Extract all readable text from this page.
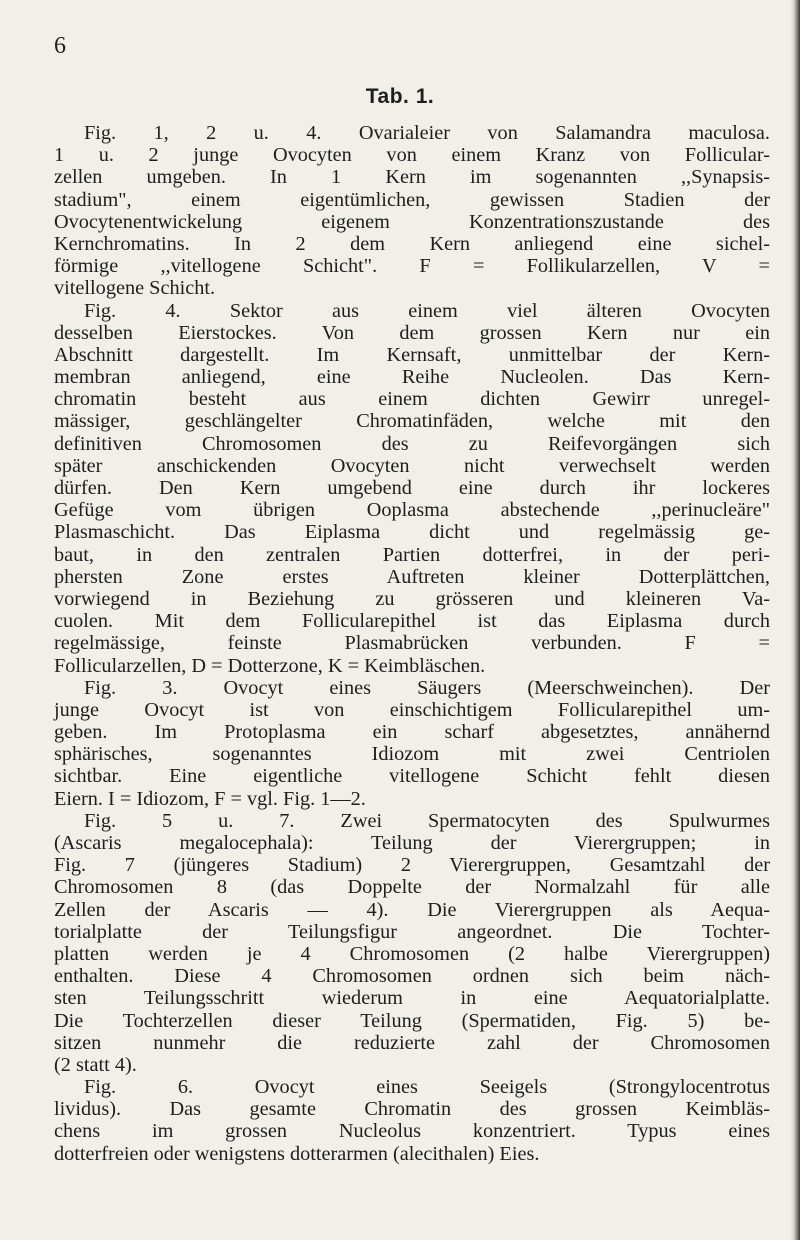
6
Tab. 1.
Fig. 1, 2 u. 4. Ovarialeier von Salamandra maculosa.
1 u. 2 junge Ovocyten von einem Kranz von Follicular-
zellen umgeben. In 1 Kern im sogenannten ,,Synapsis-
stadium", einem eigentümlichen, gewissen Stadien der
Ovocytenentwickelung eigenem Konzentrationszustande des
Kernchromatins. In 2 dem Kern anliegend eine sichel-
förmige ,,vitellogene Schicht". F = Follikularzellen, V =
vitellogene Schicht.
Fig. 4. Sektor aus einem viel älteren Ovocyten
desselben Eierstockes. Von dem grossen Kern nur ein
Abschnitt dargestellt. Im Kernsaft, unmittelbar der Kern-
membran anliegend, eine Reihe Nucleolen. Das Kern-
chromatin besteht aus einem dichten Gewirr unregel-
mässiger, geschlängelter Chromatinfäden, welche mit den
definitiven Chromosomen des zu Reifevorgängen sich
später anschickenden Ovocyten nicht verwechselt werden
dürfen. Den Kern umgebend eine durch ihr lockeres
Gefüge vom übrigen Ooplasma abstechende ,,perinucleäre"
Plasmaschicht. Das Eiplasma dicht und regelmässig ge-
baut, in den zentralen Partien dotterfrei, in der peri-
phersten Zone erstes Auftreten kleiner Dotterplättchen,
vorwiegend in Beziehung zu grösseren und kleineren Va-
cuolen. Mit dem Follicularepithel ist das Eiplasma durch
regelmässige, feinste Plasmabrücken verbunden. F =
Follicularzellen, D = Dotterzone, K = Keimbläschen.
Fig. 3. Ovocyt eines Säugers (Meerschweinchen). Der
junge Ovocyt ist von einschichtigem Follicularepithel um-
geben. Im Protoplasma ein scharf abgesetztes, annähernd
sphärisches, sogenanntes Idiozom mit zwei Centriolen
sichtbar. Eine eigentliche vitellogene Schicht fehlt diesen
Eiern. I = Idiozom, F = vgl. Fig. 1—2.
Fig. 5 u. 7. Zwei Spermatocyten des Spulwurmes
(Ascaris megalocephala): Teilung der Vierergruppen; in
Fig. 7 (jüngeres Stadium) 2 Vierergruppen, Gesamtzahl der
Chromosomen 8 (das Doppelte der Normalzahl für alle
Zellen der Ascaris — 4). Die Vierergruppen als Aequa-
torialplatte der Teilungsfigur angeordnet. Die Tochter-
platten werden je 4 Chromosomen (2 halbe Vierergruppen)
enthalten. Diese 4 Chromosomen ordnen sich beim näch-
sten Teilungsschritt wiederum in eine Aequatorialplatte.
Die Tochterzellen dieser Teilung (Spermatiden, Fig. 5) be-
sitzen nunmehr die reduzierte zahl der Chromosomen
(2 statt 4).
Fig. 6. Ovocyt eines Seeigels (Strongylocentrotus
lividus). Das gesamte Chromatin des grossen Keimbläs-
chens im grossen Nucleolus konzentriert. Typus eines
dotterfreien oder wenigstens dotterarmen (alecithalen) Eies.
